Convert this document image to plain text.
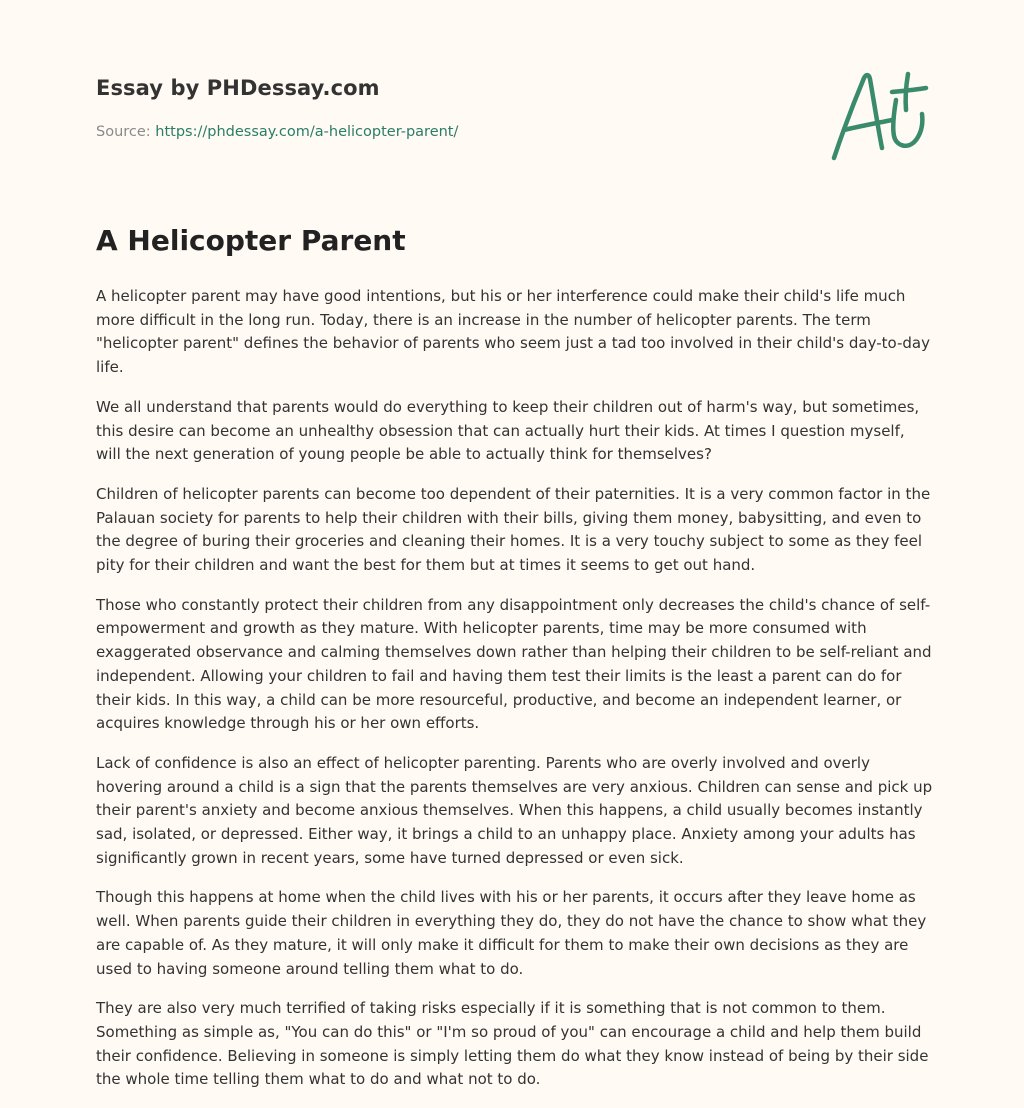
Essay by PHDessay.com
Source: https://phdessay.com/a-helicopter-parent/
A Helicopter Parent

A helicopter parent may have good intentions, but his or her interference could make their child's life much more difficult in the long run. Today, there is an increase in the number of helicopter parents. The term "helicopter parent" defines the behavior of parents who seem just a tad too involved in their child's day-to-day life.

We all understand that parents would do everything to keep their children out of harm's way, but sometimes, this desire can become an unhealthy obsession that can actually hurt their kids. At times I question myself, will the next generation of young people be able to actually think for themselves?

Children of helicopter parents can become too dependent of their paternities. It is a very common factor in the Palauan society for parents to help their children with their bills, giving them money, babysitting, and even to the degree of buring their groceries and cleaning their homes. It is a very touchy subject to some as they feel pity for their children and want the best for them but at times it seems to get out hand.

Those who constantly protect their children from any disappointment only decreases the child's chance of self-empowerment and growth as they mature. With helicopter parents, time may be more consumed with exaggerated observance and calming themselves down rather than helping their children to be self-reliant and independent. Allowing your children to fail and having them test their limits is the least a parent can do for their kids. In this way, a child can be more resourceful, productive, and become an independent learner, or acquires knowledge through his or her own efforts.

Lack of confidence is also an effect of helicopter parenting. Parents who are overly involved and overly hovering around a child is a sign that the parents themselves are very anxious. Children can sense and pick up their parent's anxiety and become anxious themselves. When this happens, a child usually becomes instantly sad, isolated, or depressed. Either way, it brings a child to an unhappy place. Anxiety among your adults has significantly grown in recent years, some have turned depressed or even sick.

Though this happens at home when the child lives with his or her parents, it occurs after they leave home as well. When parents guide their children in everything they do, they do not have the chance to show what they are capable of. As they mature, it will only make it difficult for them to make their own decisions as they are used to having someone around telling them what to do.

They are also very much terrified of taking risks especially if it is something that is not common to them. Something as simple as, "You can do this" or "I'm so proud of you" can encourage a child and help them build their confidence. Believing in someone is simply letting them do what they know instead of being by their side the whole time telling them what to do and what not to do.
